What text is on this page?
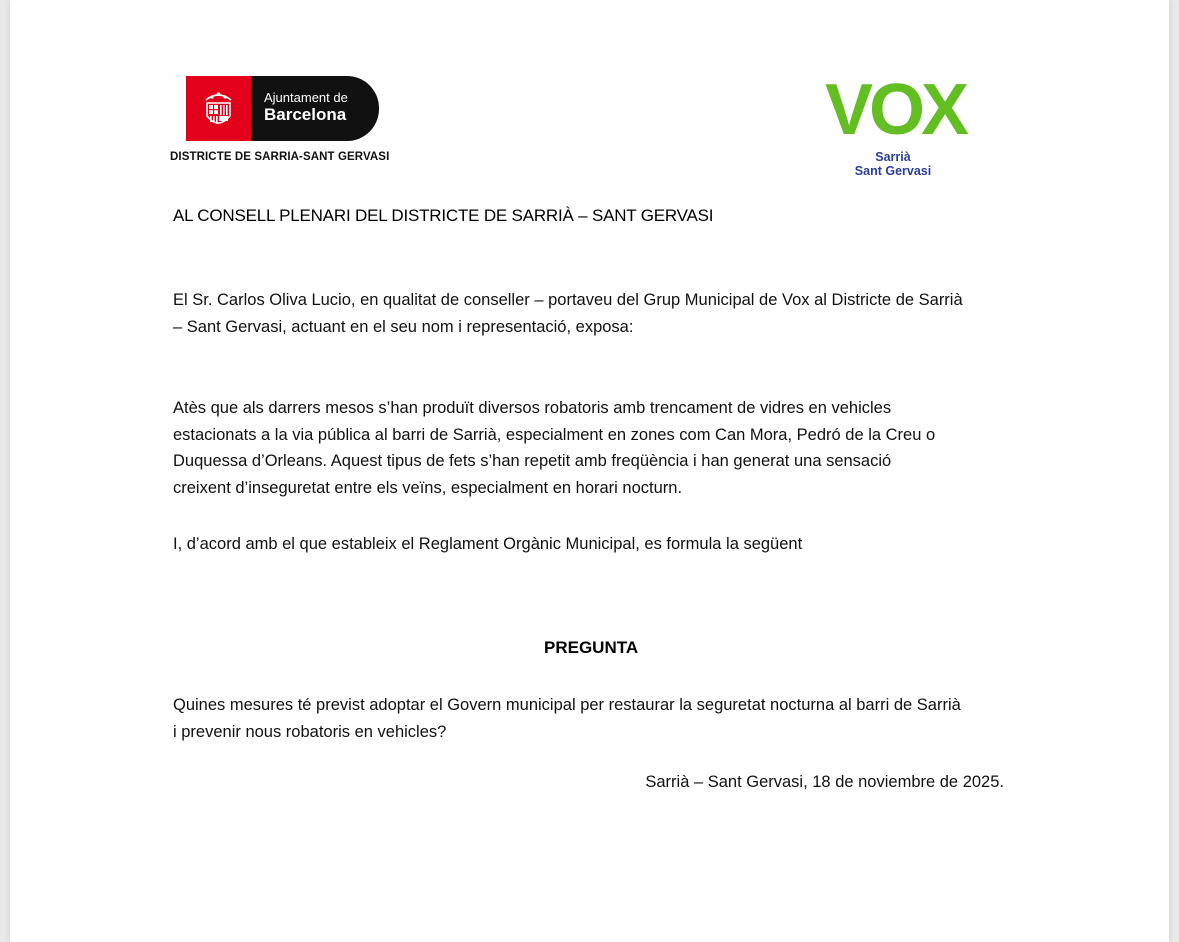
Ajuntament de
Barcelona
DISTRICTE DE SARRIA-SANT GERVASI
VOX
Sarrià
Sant Gervasi
AL CONSELL PLENARI DEL DISTRICTE DE SARRIÀ – SANT GERVASI
El Sr. Carlos Oliva Lucio, en qualitat de conseller – portaveu del Grup Municipal de Vox al Districte de Sarrià
– Sant Gervasi, actuant en el seu nom i representació, exposa:
Atès que als darrers mesos s’han produït diversos robatoris amb trencament de vidres en vehicles
estacionats a la via pública al barri de Sarrià, especialment en zones com Can Mora, Pedró de la Creu o
Duquessa d’Orleans. Aquest tipus de fets s’han repetit amb freqüència i han generat una sensació
creixent d’inseguretat entre els veïns, especialment en horari nocturn.
I, d’acord amb el que estableix el Reglament Orgànic Municipal, es formula la següent
PREGUNTA
Quines mesures té previst adoptar el Govern municipal per restaurar la seguretat nocturna al barri de Sarrià
i prevenir nous robatoris en vehicles?
Sarrià – Sant Gervasi, 18 de noviembre de 2025.
